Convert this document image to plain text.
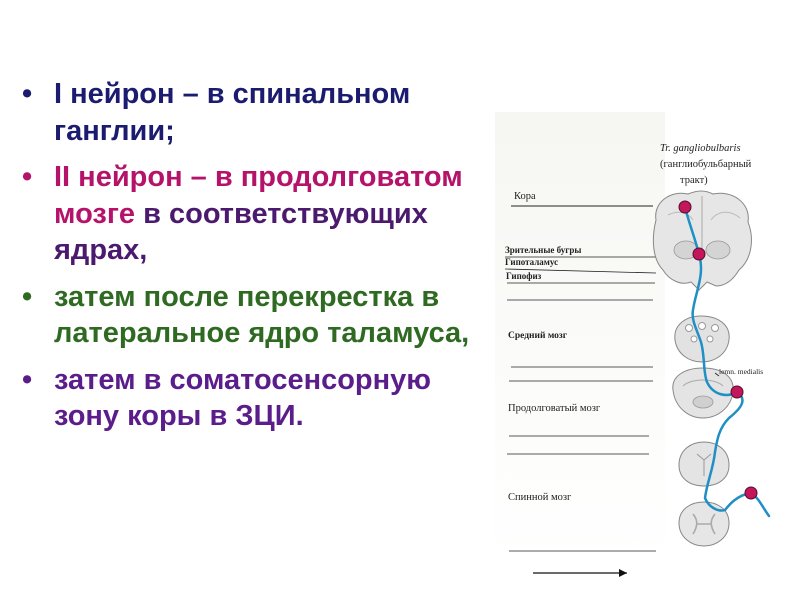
• I нейрон – в спинальном ганглии;
• II нейрон – в продолговатом мозге в соответствующих ядрах,
• затем после перекрестка в латеральное ядро таламуса,
• затем в соматосенсорную зону коры в ЗЦИ.
Tr. gangliobulbaris
(ганглиобульбарный
тракт)
Кора
Зрительные бугры
Гипоталамус
Гипофиз
Средний мозг
Продолговатый мозг
Спинной мозг
lemn. medialis
